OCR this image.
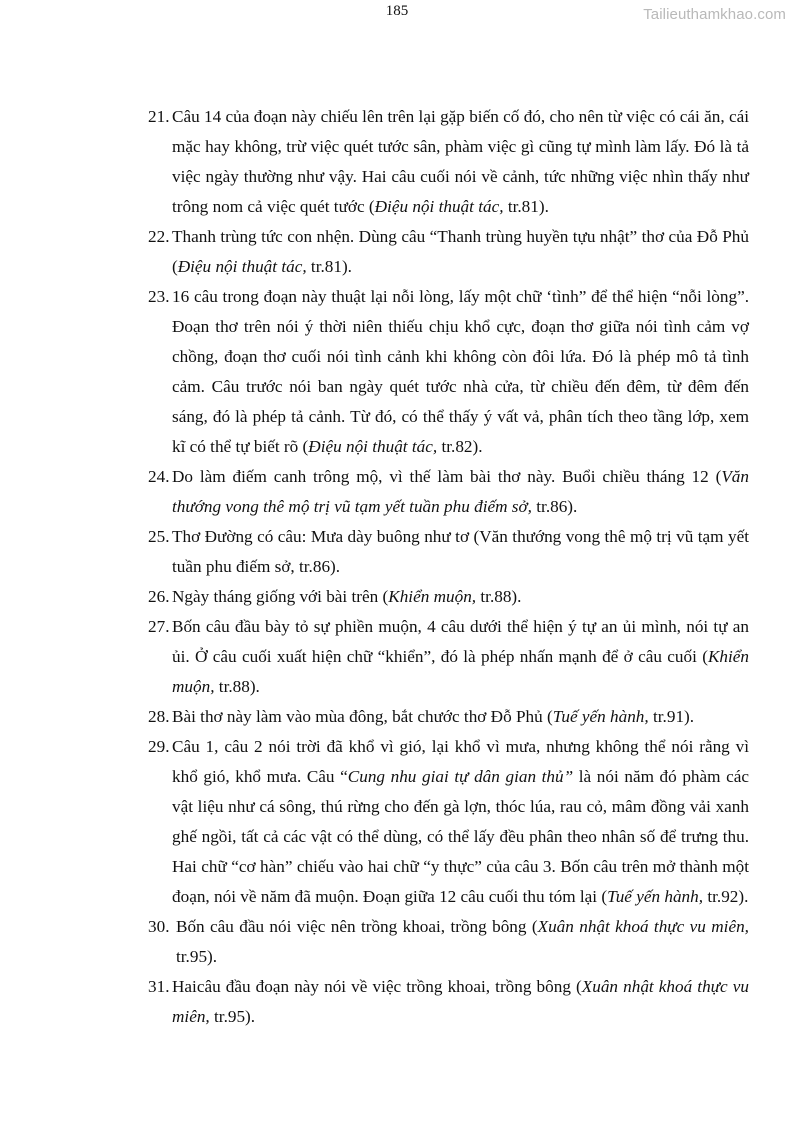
185	Tailieuthamkhao.com
21. Câu 14 của đoạn này chiếu lên trên lại gặp biến cố đó, cho nên từ việc có cái ăn, cái mặc hay không, trừ việc quét tước sân, phàm việc gì cũng tự mình làm lấy. Đó là tả việc ngày thường như vậy. Hai câu cuối nói về cảnh, tức những việc nhìn thấy như trông nom cả việc quét tước (Điệu nội thuật tác, tr.81).
22. Thanh trùng tức con nhện. Dùng câu “Thanh trùng huyền tựu nhật” thơ của Đỗ Phủ (Điệu nội thuật tác, tr.81).
23. 16 câu trong đoạn này thuật lại nỗi lòng, lấy một chữ ‘tình” để thể hiện “nỗi lòng”. Đoạn thơ trên nói ý thời niên thiếu chịu khổ cực, đoạn thơ giữa nói tình cảm vợ chồng, đoạn thơ cuối nói tình cảnh khi không còn đôi lứa. Đó là phép mô tả tình cảm. Câu trước nói ban ngày quét tước nhà cửa, từ chiều đến đêm, từ đêm đến sáng, đó là phép tả cảnh. Từ đó, có thể thấy ý vất vả, phân tích theo tầng lớp, xem kĩ có thể tự biết rõ (Điệu nội thuật tác, tr.82).
24. Do làm điếm canh trông mộ, vì thế làm bài thơ này. Buổi chiều tháng 12 (Văn thướng vong thê mộ trị vũ tạm yết tuần phu điếm sở, tr.86).
25. Thơ Đường có câu: Mưa dày buông như tơ (Văn thướng vong thê mộ trị vũ tạm yết tuần phu điếm sở, tr.86).
26. Ngày tháng giống với bài trên (Khiển muộn, tr.88).
27. Bốn câu đầu bày tỏ sự phiền muộn, 4 câu dưới thể hiện ý tự an ủi mình, nói tự an ủi. Ở câu cuối xuất hiện chữ “khiển”, đó là phép nhấn mạnh để ở câu cuối (Khiển muộn, tr.88).
28. Bài thơ này làm vào mùa đông, bắt chước thơ Đỗ Phủ (Tuế yến hành, tr.91).
29. Câu 1, câu 2 nói trời đã khổ vì gió, lại khổ vì mưa, nhưng không thể nói rằng vì khổ gió, khổ mưa. Câu “Cung nhu giai tự dân gian thủ” là nói năm đó phàm các vật liệu như cá sông, thú rừng cho đến gà lợn, thóc lúa, rau cỏ, mâm đồng vải xanh ghế ngồi, tất cả các vật có thể dùng, có thể lấy đều phân theo nhân số để trưng thu. Hai chữ “cơ hàn” chiếu vào hai chữ “y thực” của câu 3. Bốn câu trên mở thành một đoạn, nói về năm đã muộn. Đoạn giữa 12 câu cuối thu tóm lại (Tuế yến hành, tr.92).
30. Bốn câu đầu nói việc nên trồng khoai, trồng bông (Xuân nhật khoá thực vu miên, tr.95).
31. Haicâu đầu đoạn này nói về việc trồng khoai, trồng bông (Xuân nhật khoá thực vu miên, tr.95).
